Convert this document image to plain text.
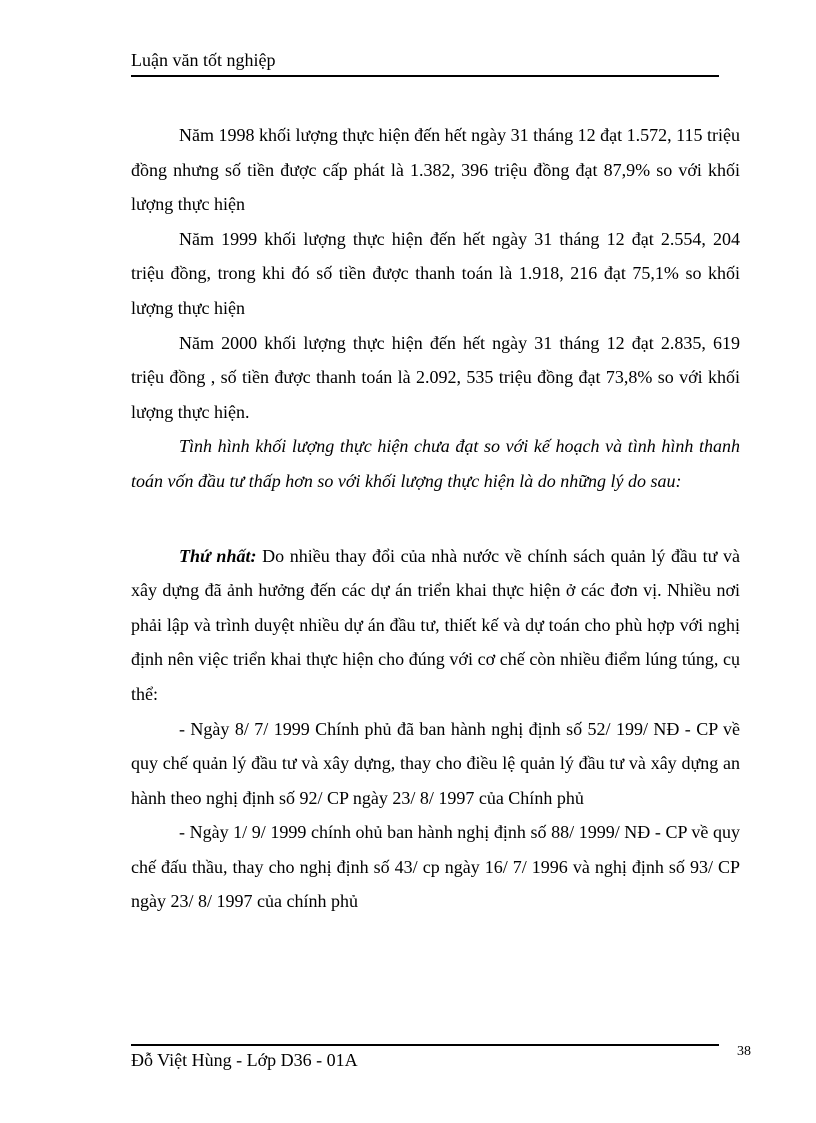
Luận văn tốt nghiệp

Năm 1998 khối lượng thực hiện đến hết ngày 31 tháng 12 đạt 1.572, 115 triệu đồng nhưng số tiền được cấp phát là 1.382, 396 triệu đồng đạt 87,9% so với khối lượng thực hiện

Năm 1999 khối lượng thực hiện đến hết ngày 31 tháng 12 đạt 2.554, 204 triệu đồng, trong khi đó số tiền được thanh toán là 1.918, 216 đạt 75,1% so khối lượng thực hiện

Năm 2000 khối lượng thực hiện đến hết ngày 31 tháng 12 đạt 2.835, 619 triệu đồng , số tiền được thanh toán là 2.092, 535 triệu đồng đạt 73,8% so với khối lượng thực hiện.

Tình hình khối lượng thực hiện chưa đạt so với kế hoạch và tình hình thanh toán vốn đầu tư thấp hơn so với khối lượng thực hiện là do những lý do sau:

Thứ nhất: Do nhiều thay đổi của nhà nước về chính sách quản lý đầu tư và xây dựng đã ảnh hưởng đến các dự án triển khai thực hiện ở các đơn vị. Nhiều nơi phải lập và trình duyệt nhiều dự án đầu tư, thiết kế và dự toán cho phù hợp với nghị định nên việc triển khai thực hiện cho đúng với cơ chế còn nhiều điểm lúng túng, cụ thể:

- Ngày 8/ 7/ 1999 Chính phủ đã ban hành nghị định số 52/ 199/ NĐ - CP về quy chế quản lý đầu tư và xây dựng, thay cho điều lệ quản lý đầu tư và xây dựng an hành theo nghị định số 92/ CP ngày 23/ 8/ 1997 của Chính phủ

- Ngày 1/ 9/ 1999 chính ohủ ban hành nghị định số 88/ 1999/ NĐ - CP về quy chế đấu thầu, thay cho nghị định số 43/ cp ngày 16/ 7/ 1996 và nghị định số 93/ CP ngày 23/ 8/ 1997 của chính phủ

Đỗ Việt Hùng - Lớp D36 - 01A	38
